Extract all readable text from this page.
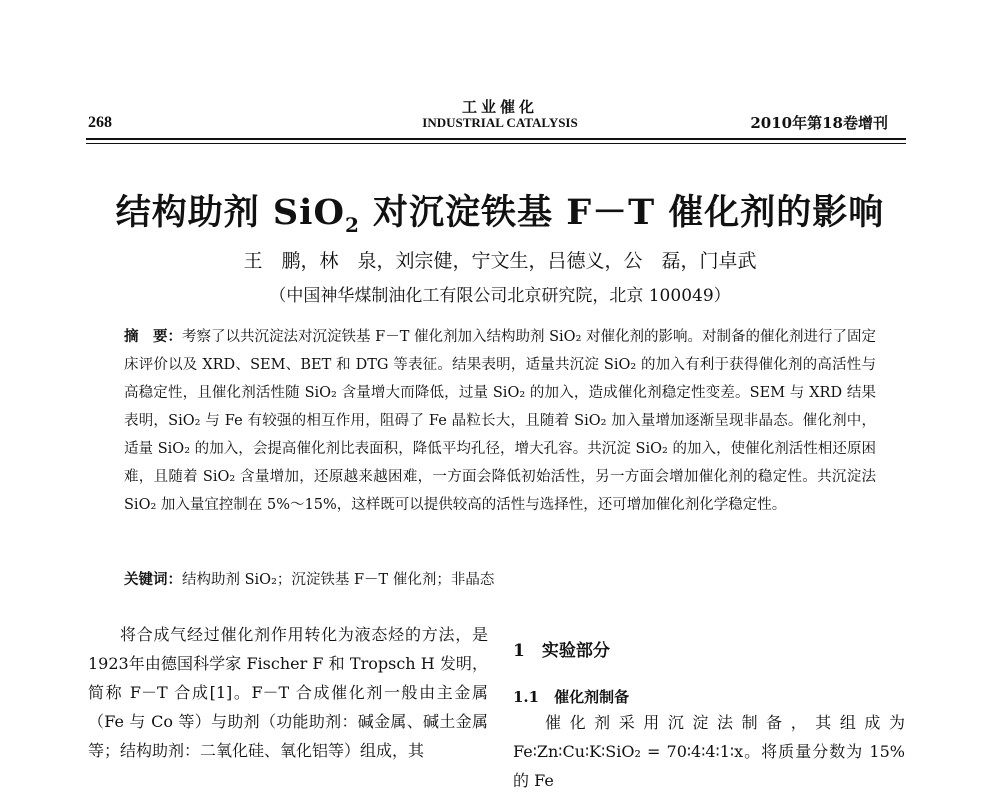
268
工业催化
INDUSTRIAL CATALYSIS	2010年第18卷增刊
结构助剂 SiO$_2$ 对沉淀铁基 F－T 催化剂的影响
王　鹏，林　泉，刘宗健，宁文生，吕德义，公　磊，门卓武
（中国神华煤制油化工有限公司北京研究院，北京 100049）
摘　要：考察了以共沉淀法对沉淀铁基 F－T 催化剂加入结构助剂 SiO₂ 对催化剂的影响。对制备的催化剂进行了固定床评价以及 XRD、SEM、BET 和 DTG 等表征。结果表明，适量共沉淀 SiO₂ 的加入有利于获得催化剂的高活性与高稳定性，且催化剂活性随 SiO₂ 含量增大而降低，过量 SiO₂ 的加入，造成催化剂稳定性变差。SEM 与 XRD 结果表明，SiO₂ 与 Fe 有较强的相互作用，阻碍了 Fe 晶粒长大，且随着 SiO₂ 加入量增加逐渐呈现非晶态。催化剂中，适量 SiO₂ 的加入，会提高催化剂比表面积，降低平均孔径，增大孔容。共沉淀 SiO₂ 的加入，使催化剂活性相还原困难，且随着 SiO₂ 含量增加，还原越来越困难，一方面会降低初始活性，另一方面会增加催化剂的稳定性。共沉淀法 SiO₂ 加入量宜控制在 5%～15%，这样既可以提供较高的活性与选择性，还可增加催化剂化学稳定性。
关键词：结构助剂 SiO₂；沉淀铁基 F－T 催化剂；非晶态
将合成气经过催化剂作用转化为液态烃的方法，是1923年由德国科学家 Fischer F 和 Tropsch H 发明，简称 F－T 合成[1]。F－T 合成催化剂一般由主金属（Fe 与 Co 等）与助剂（功能助剂：碱金属、碱土金属等；结构助剂：二氧化硅、氧化铝等）组成，其
1　实验部分
1.1　催化剂制备
催化剂采用沉淀法制备，其组成为 Fe∶Zn∶Cu∶K∶SiO₂ = 70∶4∶4∶1∶x。将质量分数为 15% 的 Fe
